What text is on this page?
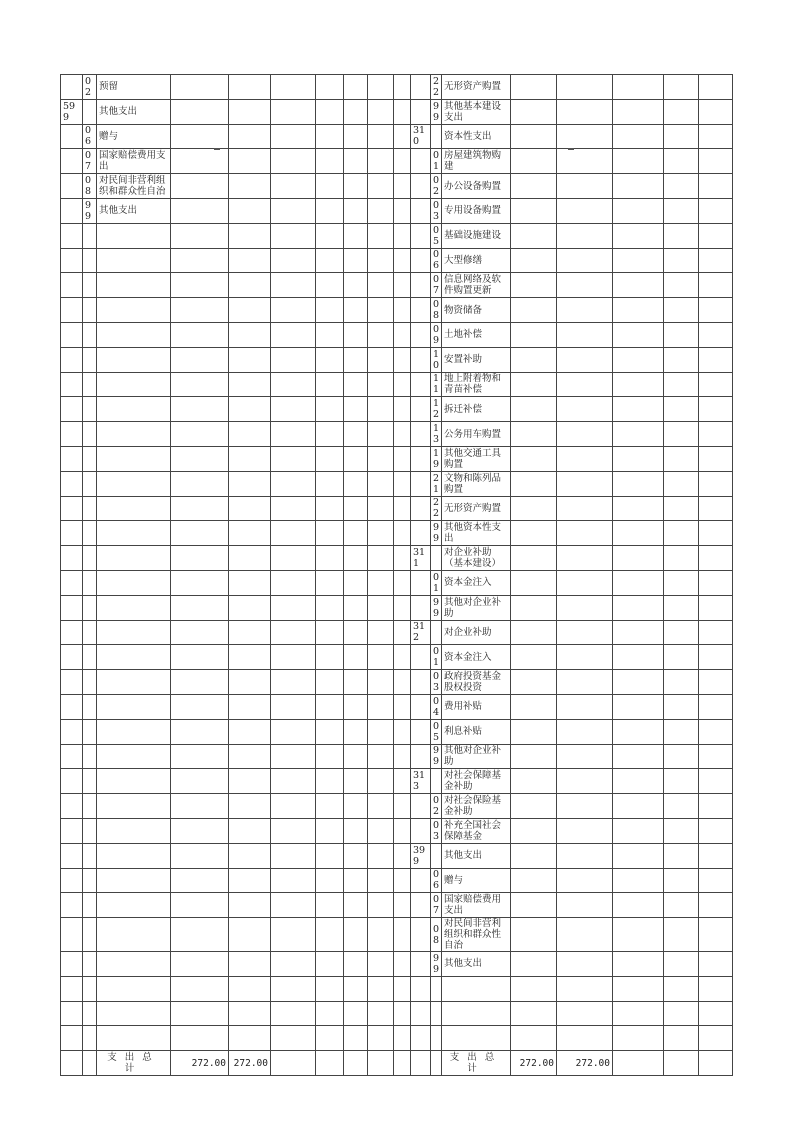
	02	预留									22	无形资产购置					
599		其他支出									99	其他基本建设支出					
	06	赠与								310		资本性支出					
	07	国家赔偿费用支出									01	房屋建筑物购建					
	08	对民间非营利组织和群众性自治									02	办公设备购置					
	99	其他支出									03	专用设备购置					
											05	基础设施建设					
											06	大型修缮					
											07	信息网络及软件购置更新					
											08	物资储备					
											09	土地补偿					
											10	安置补助					
											11	地上附着物和青苗补偿					
											12	拆迁补偿					
											13	公务用车购置					
											19	其他交通工具购置					
											21	文物和陈列品购置					
											22	无形资产购置					
											99	其他资本性支出					
										311		对企业补助（基本建设）					
											01	资本金注入					
											99	其他对企业补助					
										312		对企业补助					
											01	资本金注入					
											03	政府投资基金股权投资					
											04	费用补贴					
											05	利息补贴					
											99	其他对企业补助					
										313		对社会保障基金补助					
											02	对社会保险基金补助					
											03	补充全国社会保障基金					
										399		其他支出					
											06	赠与					
											07	国家赔偿费用支出					
											08	对民间非营利组织和群众性自治					
											99	其他支出					

		支出总计	272.00	272.00								支出总计	272.00	272.00			
